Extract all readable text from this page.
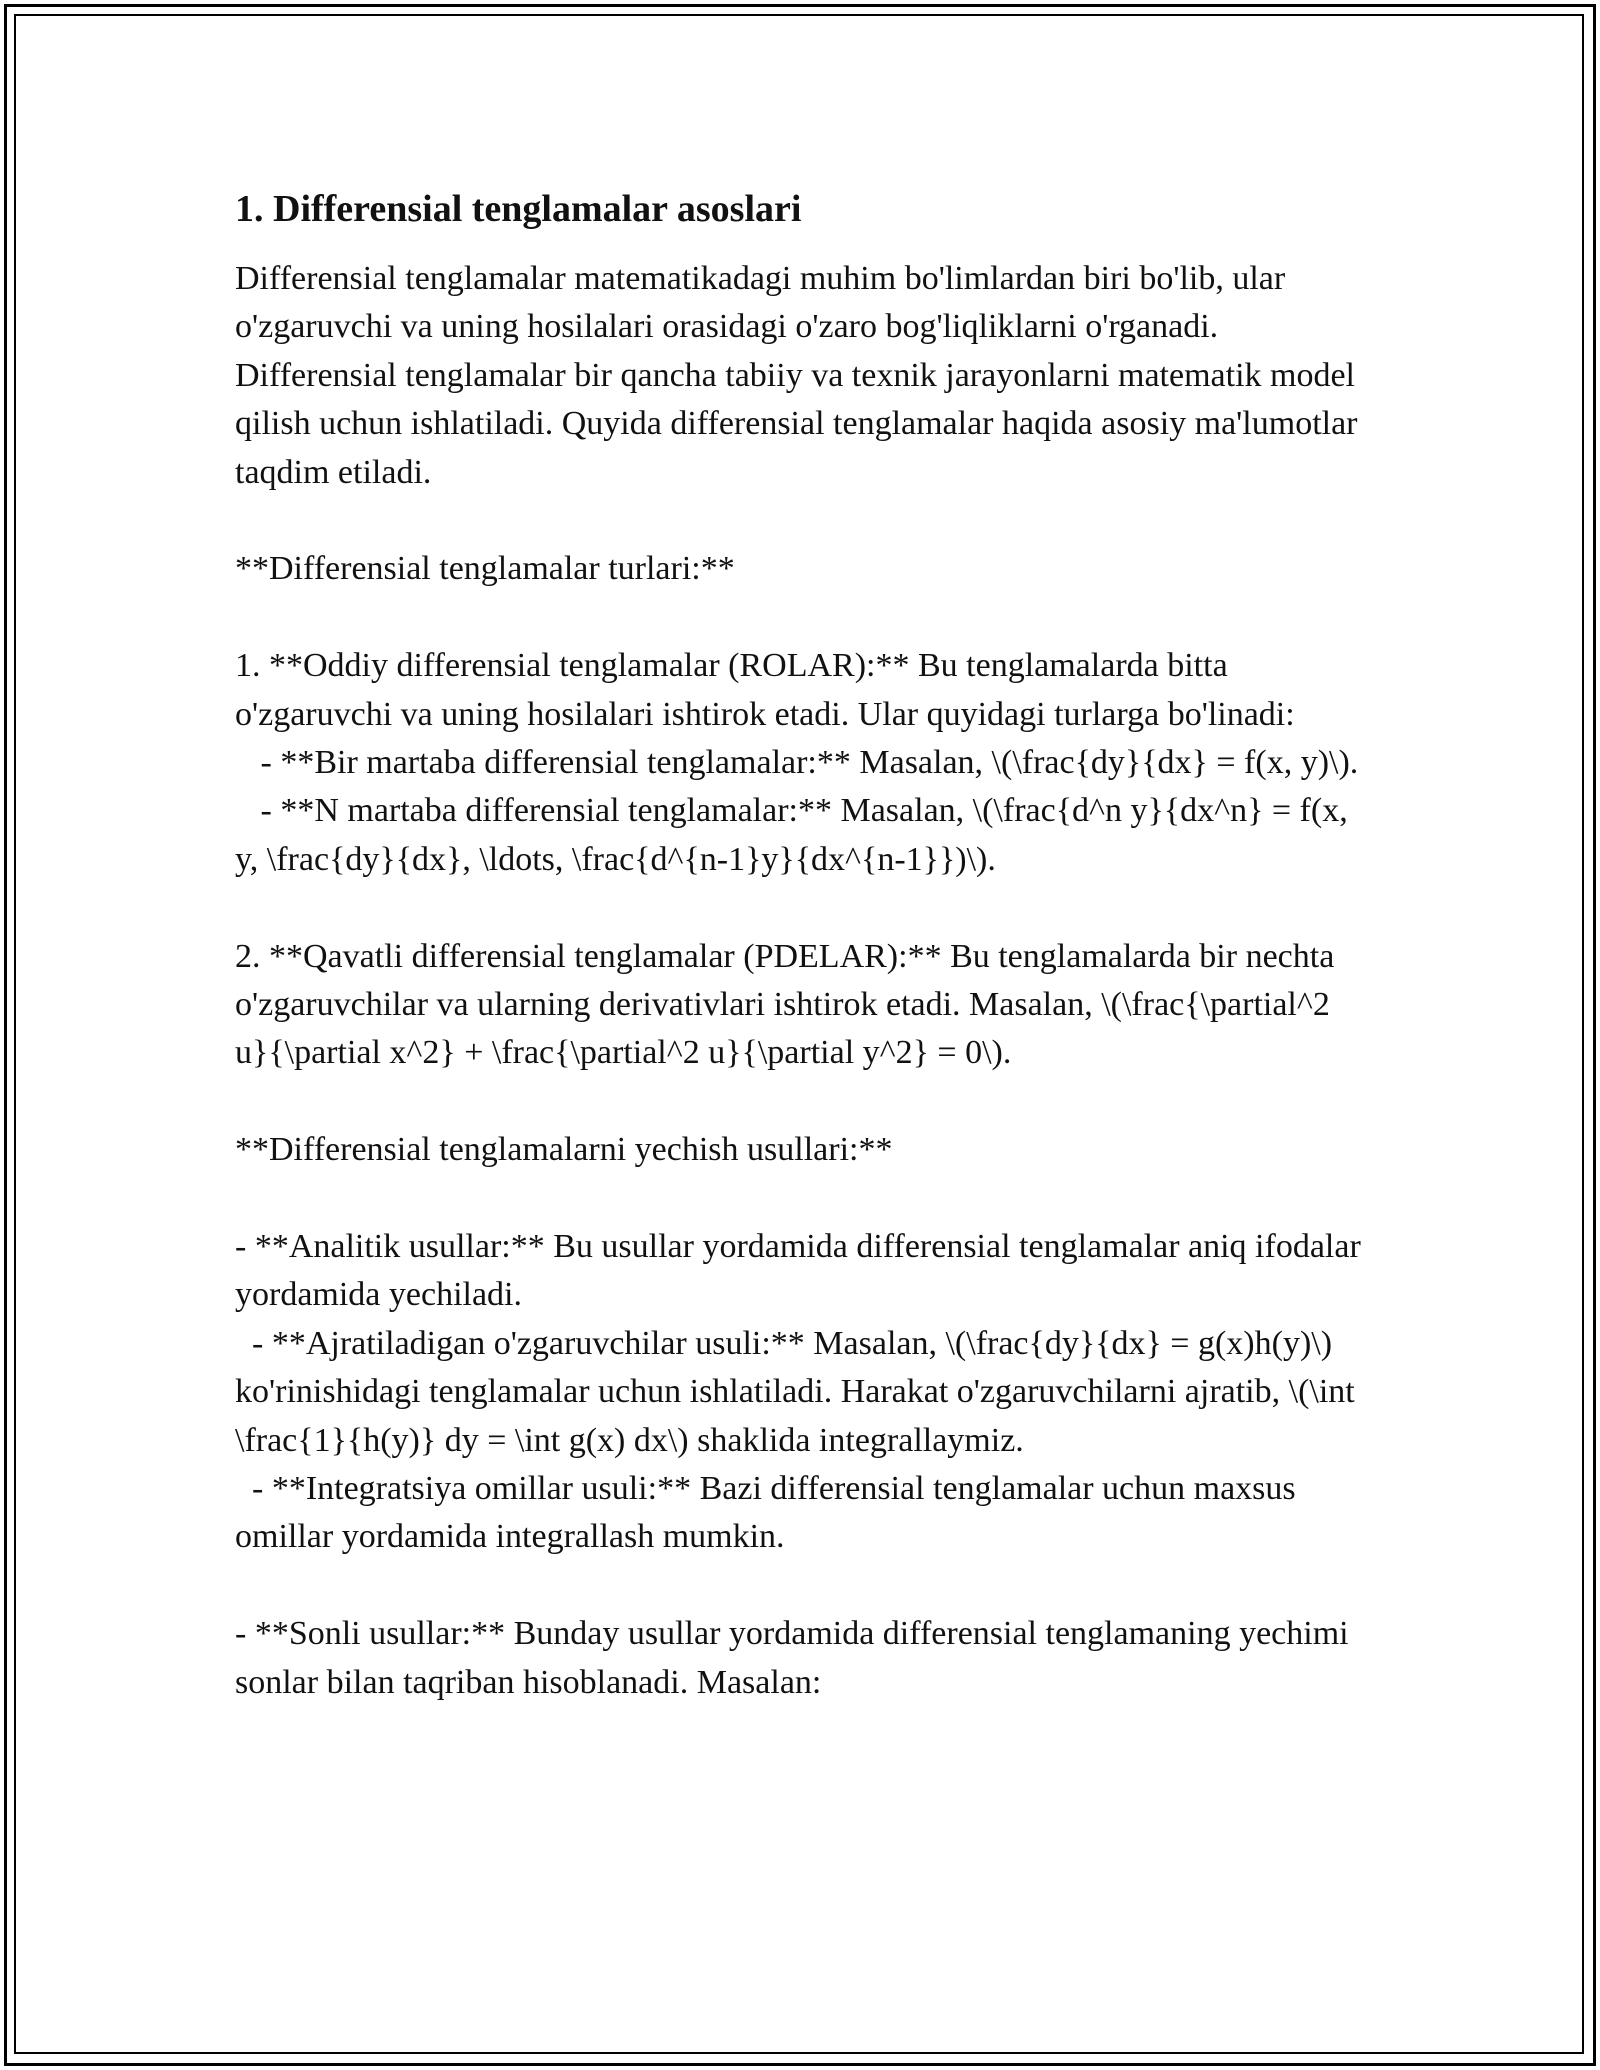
1. Differensial tenglamalar asoslari

Differensial tenglamalar matematikadagi muhim bo'limlardan biri bo'lib, ular o'zgaruvchi va uning hosilalari orasidagi o'zaro bog'liqliklarni o'rganadi. Differensial tenglamalar bir qancha tabiiy va texnik jarayonlarni matematik model qilish uchun ishlatiladi. Quyida differensial tenglamalar haqida asosiy ma'lumotlar taqdim etiladi.

**Differensial tenglamalar turlari:**

1. **Oddiy differensial tenglamalar (ROLAR):** Bu tenglamalarda bitta o'zgaruvchi va uning hosilalari ishtirok etadi. Ular quyidagi turlarga bo'linadi:

- **Bir martaba differensial tenglamalar:** Masalan, \(\frac{dy}{dx} = f(x, y)\).

- **N martaba differensial tenglamalar:** Masalan, \(\frac{d^n y}{dx^n} = f(x, y, \frac{dy}{dx}, \ldots, \frac{d^{n-1}y}{dx^{n-1}})\).

2. **Qavatli differensial tenglamalar (PDELAR):** Bu tenglamalarda bir nechta o'zgaruvchilar va ularning derivativlari ishtirok etadi. Masalan, \(\frac{\partial^2 u}{\partial x^2} + \frac{\partial^2 u}{\partial y^2} = 0\).

**Differensial tenglamalarni yechish usullari:**

- **Analitik usullar:** Bu usullar yordamida differensial tenglamalar aniq ifodalar yordamida yechiladi.

- **Ajratiladigan o'zgaruvchilar usuli:** Masalan, \(\frac{dy}{dx} = g(x)h(y)\) ko'rinishidagi tenglamalar uchun ishlatiladi. Harakat o'zgaruvchilarni ajratib, \(\int \frac{1}{h(y)} dy = \int g(x) dx\) shaklida integrallaymiz.

- **Integratsiya omillar usuli:** Bazi differensial tenglamalar uchun maxsus omillar yordamida integrallash mumkin.

- **Sonli usullar:** Bunday usullar yordamida differensial tenglamaning yechimi sonlar bilan taqriban hisoblanadi. Masalan:
